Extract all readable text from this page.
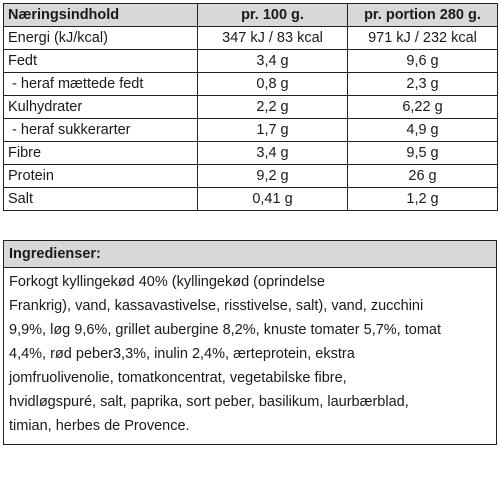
Næringsindhold	pr. 100 g.	pr. portion 280 g.
Energi (kJ/kcal)	347 kJ / 83 kcal	971 kJ / 232 kcal
Fedt	3,4 g	9,6 g
- heraf mættede fedt	0,8 g	2,3 g
Kulhydrater	2,2 g	6,22 g
- heraf sukkerarter	1,7 g	4,9 g
Fibre	3,4 g	9,5 g
Protein	9,2 g	26 g
Salt	0,41 g	1,2 g
Ingredienser:
Forkogt kyllingekød 40% (kyllingekød (oprindelse
Frankrig), vand, kassavastivelse, risstivelse, salt), vand, zucchini
9,9%, løg 9,6%, grillet aubergine 8,2%, knuste tomater 5,7%, tomat
4,4%, rød peber3,3%, inulin 2,4%, ærteprotein, ekstra
jomfruolivenolie, tomatkoncentrat, vegetabilske fibre,
hvidløgspuré, salt, paprika, sort peber, basilikum, laurbærblad,
timian, herbes de Provence.
